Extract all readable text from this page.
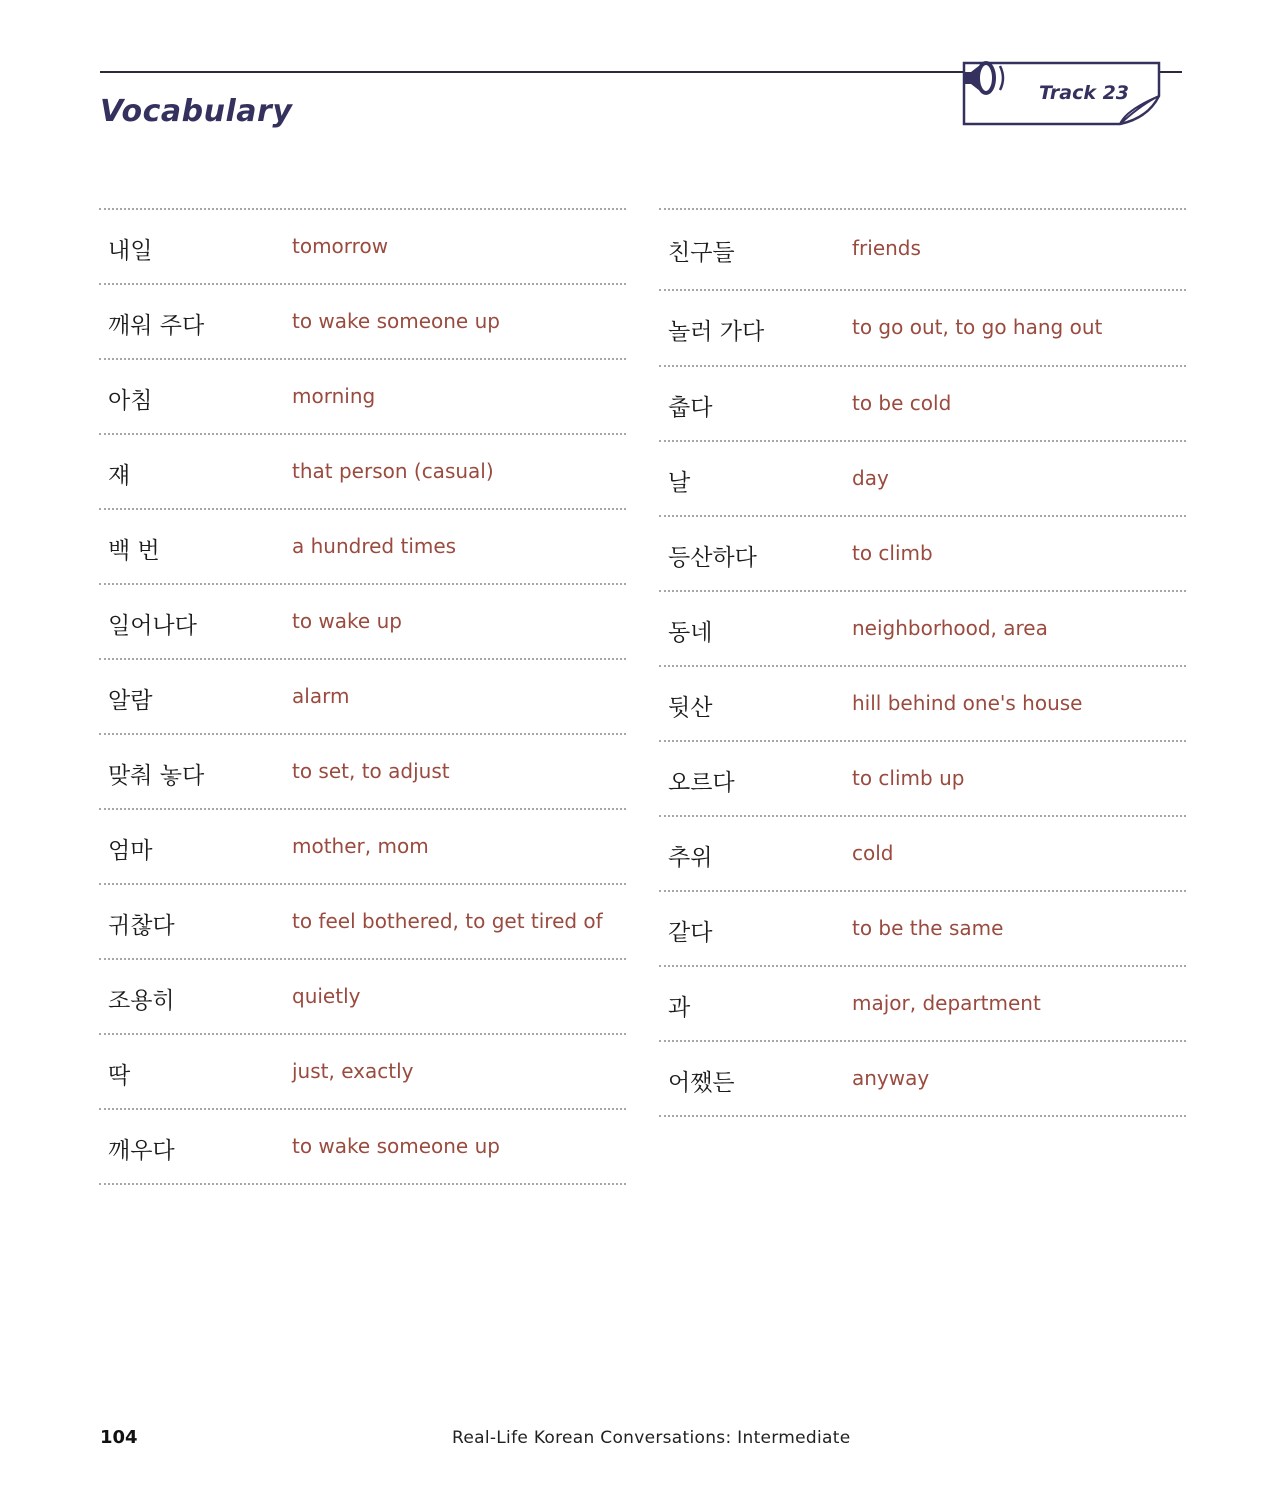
Vocabulary
Track 23
내일	tomorrow
깨워 주다	to wake someone up
아침	morning
쟤	that person (casual)
백 번	a hundred times
일어나다	to wake up
알람	alarm
맞춰 놓다	to set, to adjust
엄마	mother, mom
귀찮다	to feel bothered, to get tired of
조용히	quietly
딱	just, exactly
깨우다	to wake someone up
친구들	friends
놀러 가다	to go out, to go hang out
춥다	to be cold
날	day
등산하다	to climb
동네	neighborhood, area
뒷산	hill behind one's house
오르다	to climb up
추위	cold
같다	to be the same
과	major, department
어쨌든	anyway
104	Real-Life Korean Conversations: Intermediate
